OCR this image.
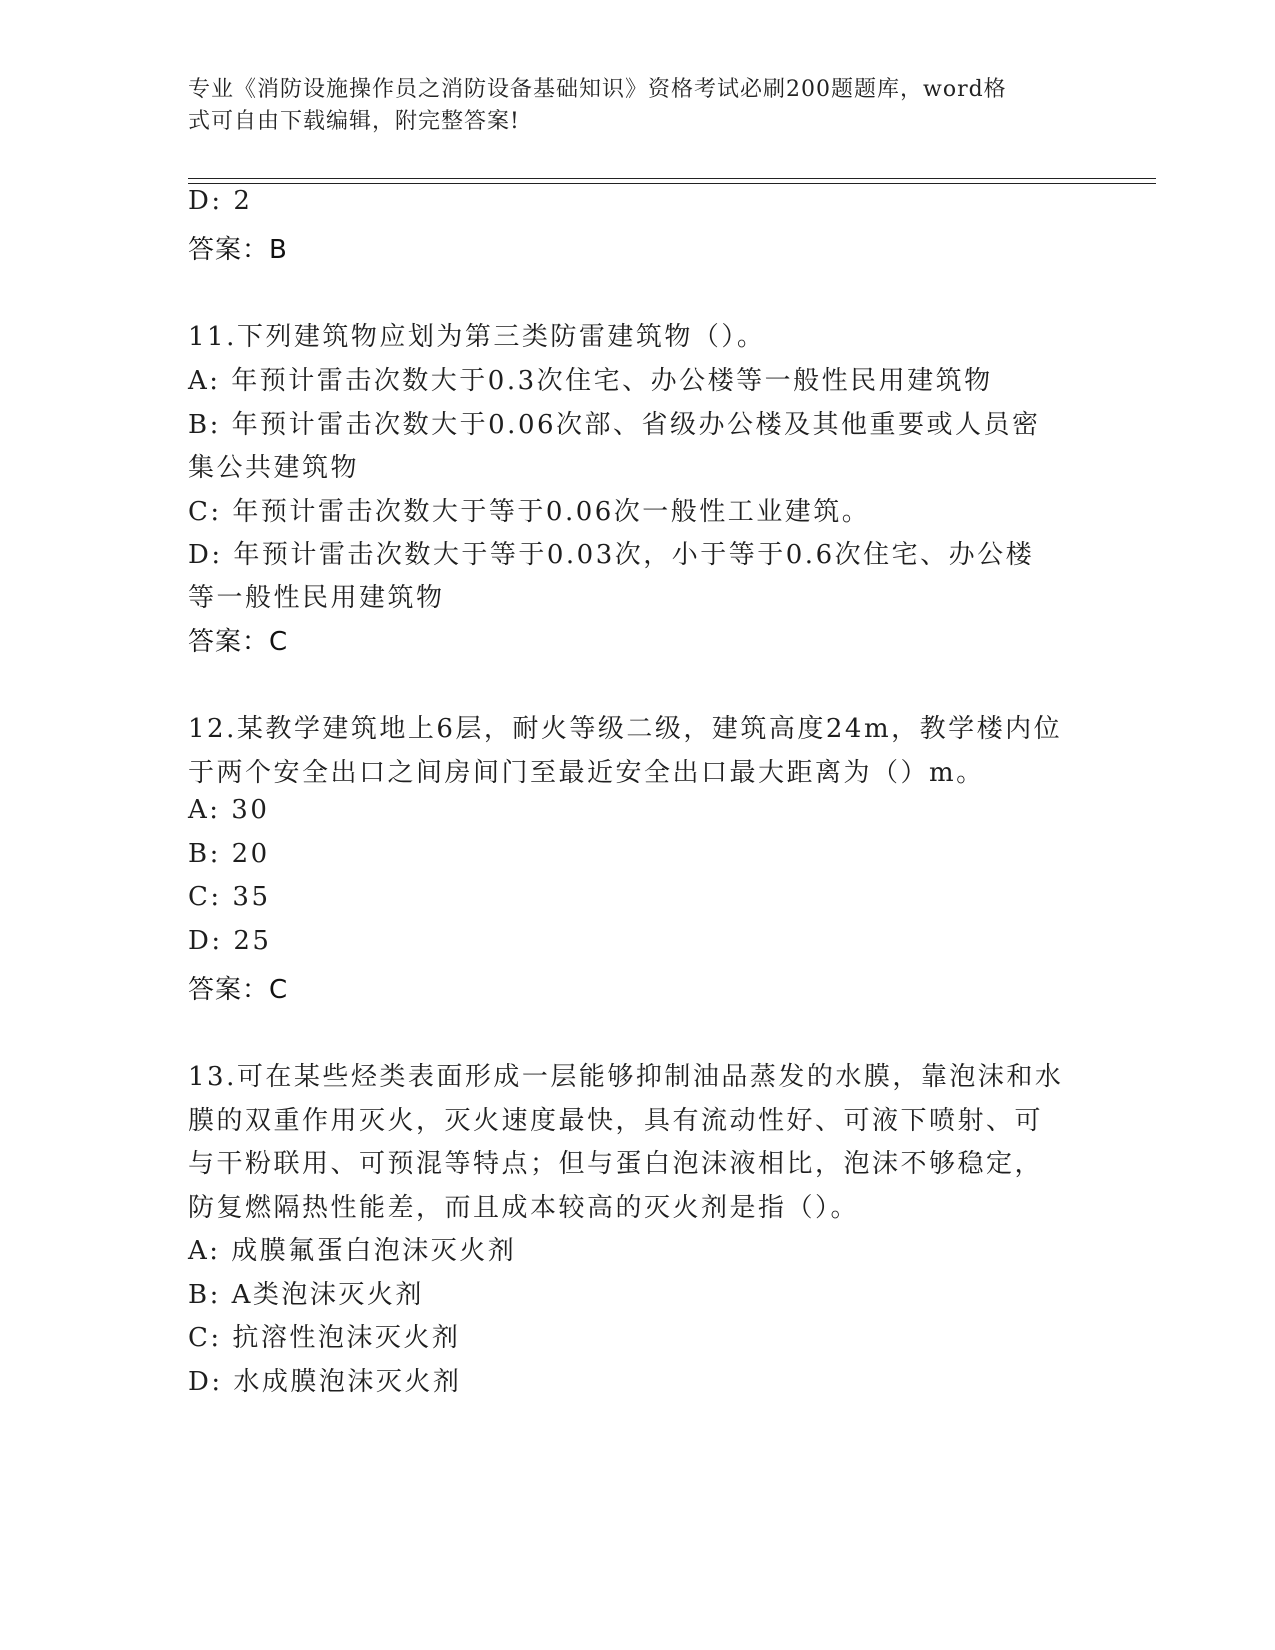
专业《消防设施操作员之消防设备基础知识》资格考试必刷200题题库，word格
式可自由下载编辑，附完整答案!
D: 2
答案：B
11.下列建筑物应划为第三类防雷建筑物（）。
A: 年预计雷击次数大于0.3次住宅、办公楼等一般性民用建筑物
B: 年预计雷击次数大于0.06次部、省级办公楼及其他重要或人员密
集公共建筑物
C: 年预计雷击次数大于等于0.06次一般性工业建筑。
D: 年预计雷击次数大于等于0.03次，小于等于0.6次住宅、办公楼
等一般性民用建筑物
答案：C
12.某教学建筑地上6层，耐火等级二级，建筑高度24m，教学楼内位
于两个安全出口之间房间门至最近安全出口最大距离为（）m。
A: 30
B: 20
C: 35
D: 25
答案：C
13.可在某些烃类表面形成一层能够抑制油品蒸发的水膜，靠泡沫和水
膜的双重作用灭火，灭火速度最快，具有流动性好、可液下喷射、可
与干粉联用、可预混等特点；但与蛋白泡沫液相比，泡沫不够稳定，
防复燃隔热性能差，而且成本较高的灭火剂是指（）。
A: 成膜氟蛋白泡沫灭火剂
B: A类泡沫灭火剂
C: 抗溶性泡沫灭火剂
D: 水成膜泡沫灭火剂
